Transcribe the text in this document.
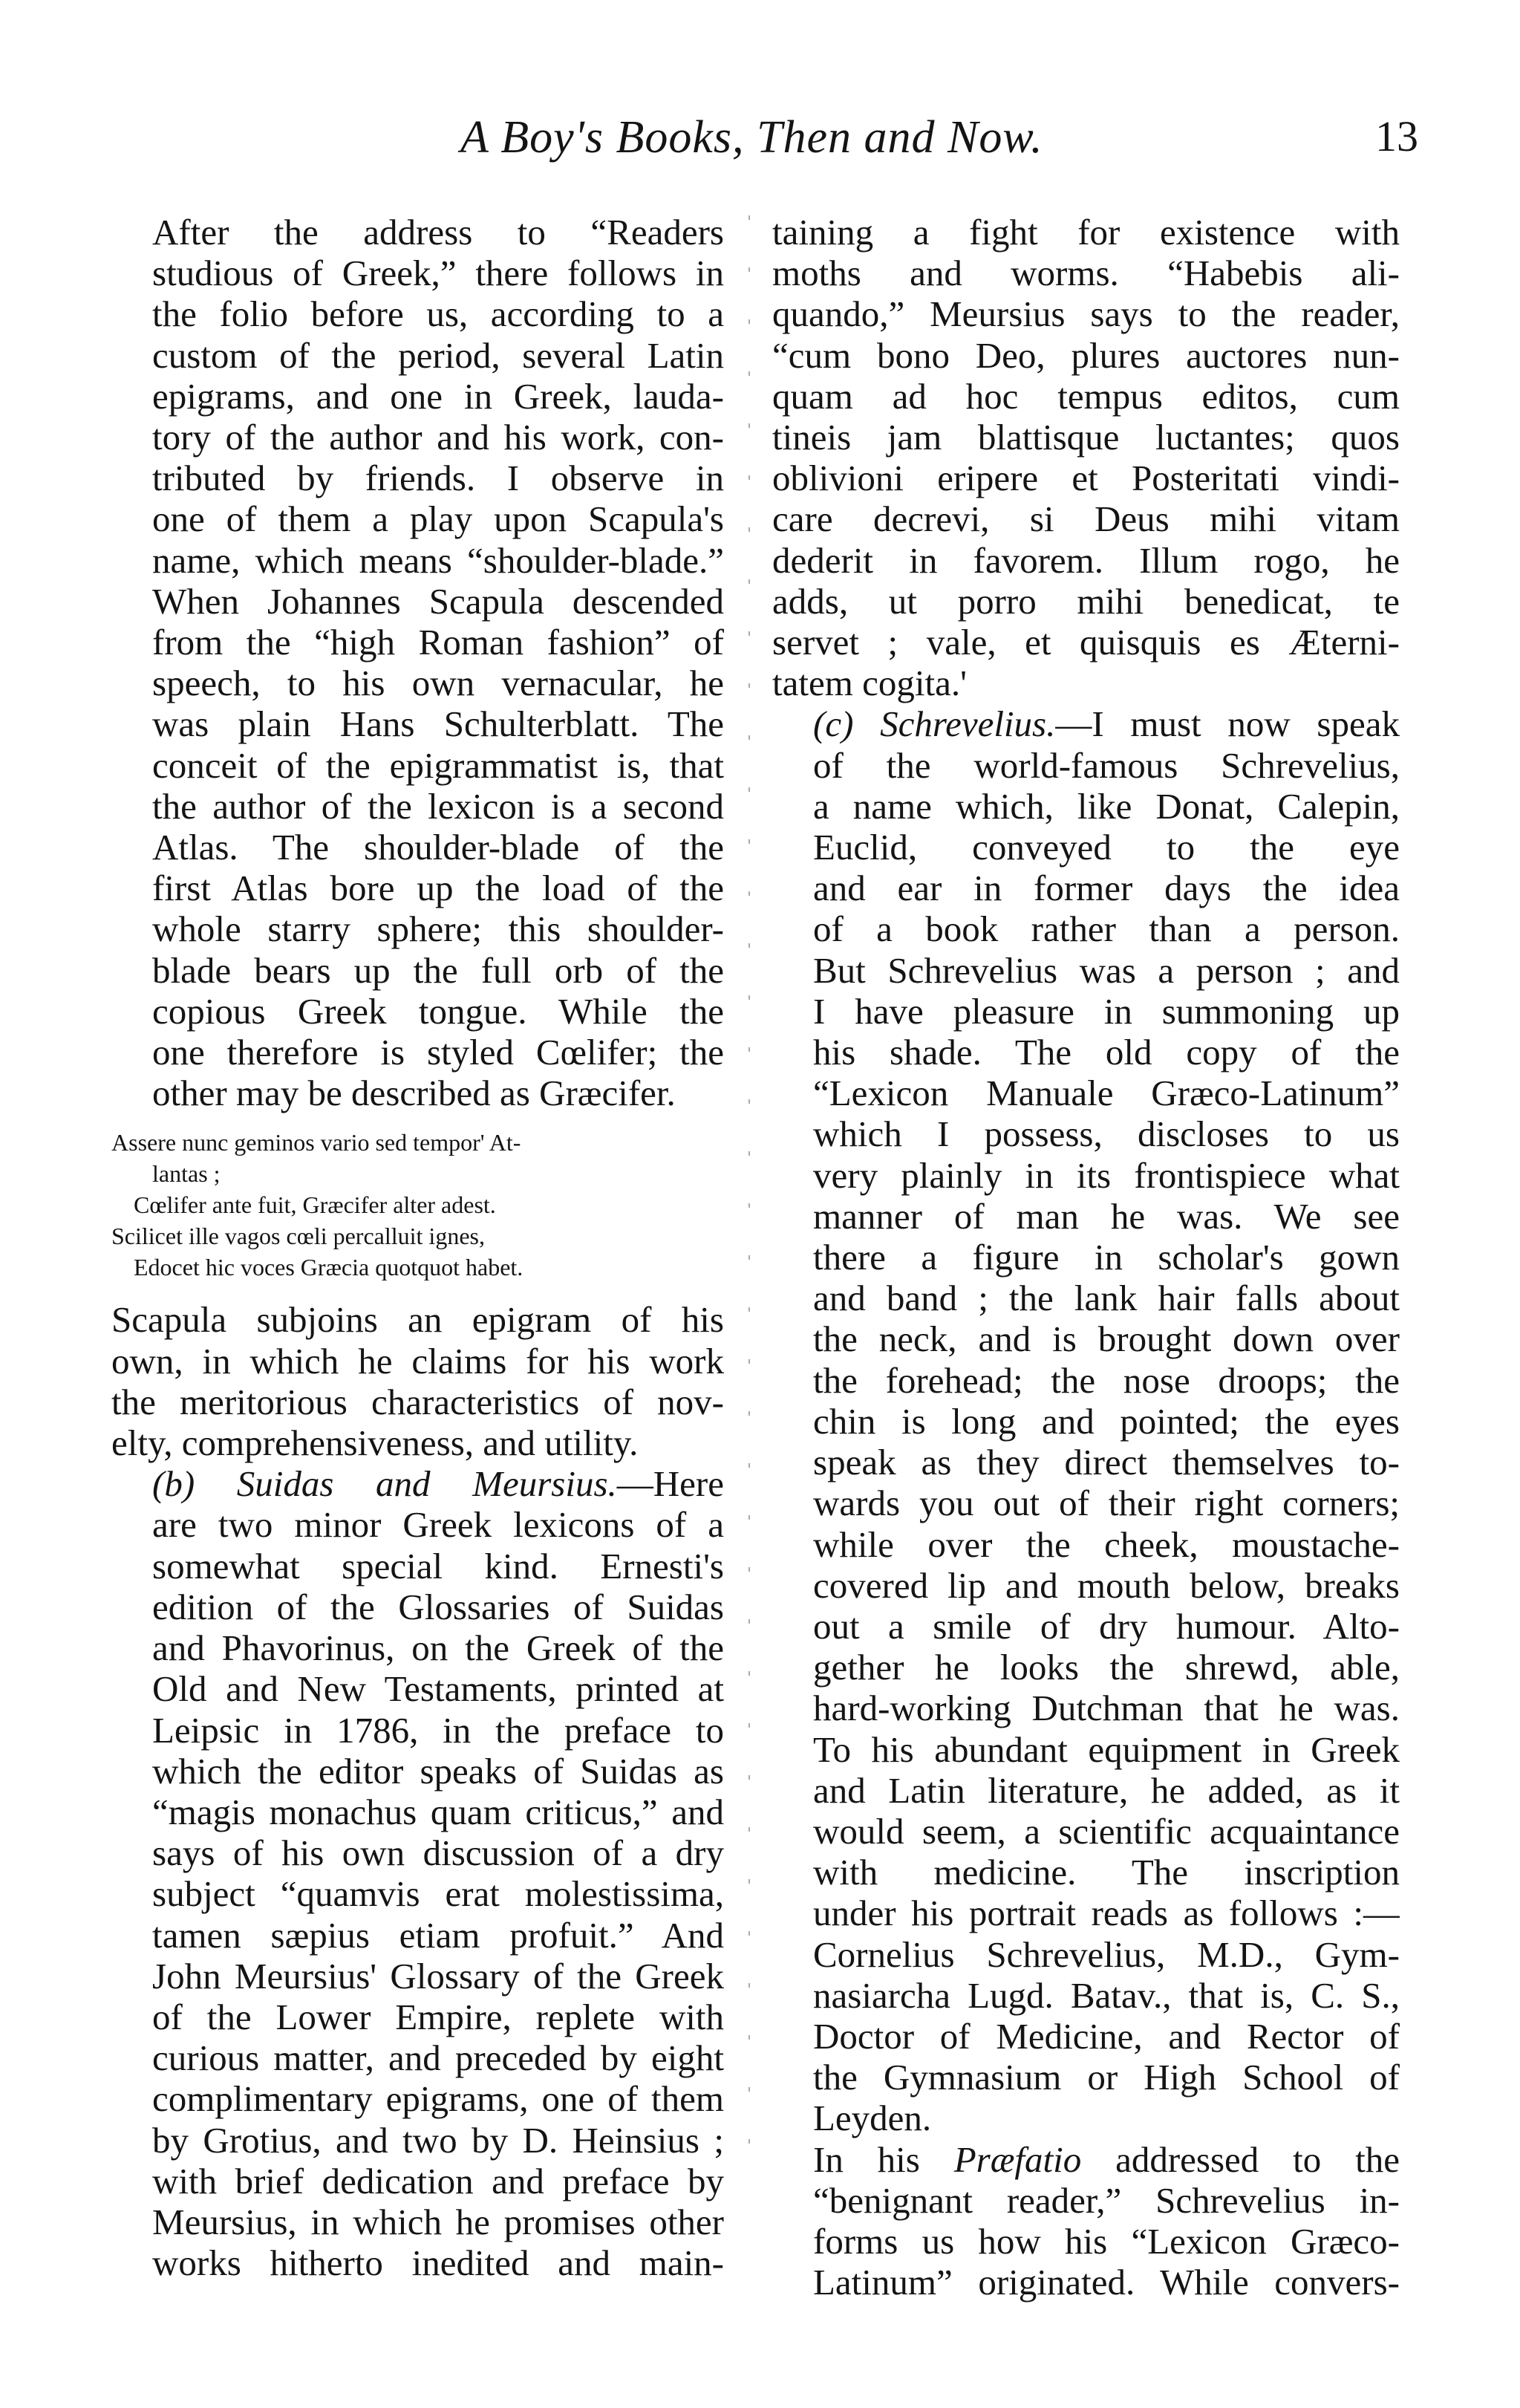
A Boy's Books, Then and Now.	13

After the address to “Readers
studious of Greek,” there follows in
the folio before us, according to a
custom of the period, several Latin
epigrams, and one in Greek, lauda-
tory of the author and his work, con-
tributed by friends. I observe in
one of them a play upon Scapula's
name, which means “shoulder-blade.”
When Johannes Scapula descended
from the “high Roman fashion” of
speech, to his own vernacular, he
was plain Hans Schulterblatt. The
conceit of the epigrammatist is, that
the author of the lexicon is a second
Atlas. The shoulder-blade of the
first Atlas bore up the load of the
whole starry sphere; this shoulder-
blade bears up the full orb of the
copious Greek tongue. While the
one therefore is styled Cœlifer; the
other may be described as Græcifer.

Assere nunc geminos vario sed tempor' At-
lantas ;
Cœlifer ante fuit, Græcifer alter adest.
Scilicet ille vagos cœli percalluit ignes,
Edocet hic voces Græcia quotquot habet.

Scapula subjoins an epigram of his
own, in which he claims for his work
the meritorious characteristics of nov-
elty, comprehensiveness, and utility.

(b) Suidas and Meursius.—Here
are two minor Greek lexicons of a
somewhat special kind. Ernesti's
edition of the Glossaries of Suidas
and Phavorinus, on the Greek of the
Old and New Testaments, printed at
Leipsic in 1786, in the preface to
which the editor speaks of Suidas as
“magis monachus quam criticus,” and
says of his own discussion of a dry
subject “quamvis erat molestissima,
tamen sæpius etiam profuit.” And
John Meursius' Glossary of the Greek
of the Lower Empire, replete with
curious matter, and preceded by eight
complimentary epigrams, one of them
by Grotius, and two by D. Heinsius ;
with brief dedication and preface by
Meursius, in which he promises other
works hitherto inedited and main-

taining a fight for existence with
moths and worms. “Habebis ali-
quando,” Meursius says to the reader,
“cum bono Deo, plures auctores nun-
quam ad hoc tempus editos, cum
tineis jam blattisque luctantes; quos
oblivioni eripere et Posteritati vindi-
care decrevi, si Deus mihi vitam
dederit in favorem. Illum rogo, he
adds, ut porro mihi benedicat, te
servet ; vale, et quisquis es Æterni-
tatem cogita.'

(c) Schrevelius.—I must now speak
of the world-famous Schrevelius,
a name which, like Donat, Calepin,
Euclid, conveyed to the eye
and ear in former days the idea
of a book rather than a person.
But Schrevelius was a person ; and
I have pleasure in summoning up
his shade. The old copy of the
“Lexicon Manuale Græco-Latinum”
which I possess, discloses to us
very plainly in its frontispiece what
manner of man he was. We see
there a figure in scholar's gown
and band ; the lank hair falls about
the neck, and is brought down over
the forehead; the nose droops; the
chin is long and pointed; the eyes
speak as they direct themselves to-
wards you out of their right corners;
while over the cheek, moustache-
covered lip and mouth below, breaks
out a smile of dry humour. Alto-
gether he looks the shrewd, able,
hard-working Dutchman that he was.
To his abundant equipment in Greek
and Latin literature, he added, as it
would seem, a scientific acquaintance
with medicine. The inscription
under his portrait reads as follows :—
Cornelius Schrevelius, M.D., Gym-
nasiarcha Lugd. Batav., that is, C. S.,
Doctor of Medicine, and Rector of
the Gymnasium or High School of
Leyden.

In his Præfatio addressed to the
“benignant reader,” Schrevelius in-
forms us how his “Lexicon Græco-
Latinum” originated. While convers-
